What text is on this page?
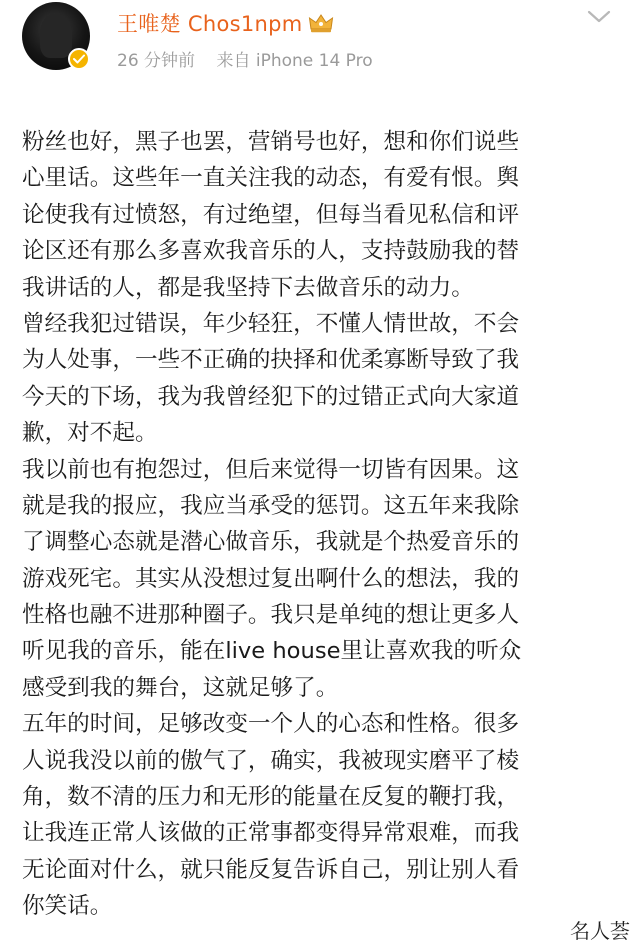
王唯楚 Chos1npm
26 分钟前 来自 iPhone 14 Pro
粉丝也好，黑子也罢，营销号也好，想和你们说些
心里话。这些年一直关注我的动态，有爱有恨。舆
论使我有过愤怒，有过绝望，但每当看见私信和评
论区还有那么多喜欢我音乐的人，支持鼓励我的替
我讲话的人，都是我坚持下去做音乐的动力。
曾经我犯过错误，年少轻狂，不懂人情世故，不会
为人处事，一些不正确的抉择和优柔寡断导致了我
今天的下场，我为我曾经犯下的过错正式向大家道
歉，对不起。
我以前也有抱怨过，但后来觉得一切皆有因果。这
就是我的报应，我应当承受的惩罚。这五年来我除
了调整心态就是潜心做音乐，我就是个热爱音乐的
游戏死宅。其实从没想过复出啊什么的想法，我的
性格也融不进那种圈子。我只是单纯的想让更多人
听见我的音乐，能在live house里让喜欢我的听众
感受到我的舞台，这就足够了。
五年的时间，足够改变一个人的心态和性格。很多
人说我没以前的傲气了，确实，我被现实磨平了棱
角，数不清的压力和无形的能量在反复的鞭打我，
让我连正常人该做的正常事都变得异常艰难，而我
无论面对什么，就只能反复告诉自己，别让别人看
你笑话。
名人荟
